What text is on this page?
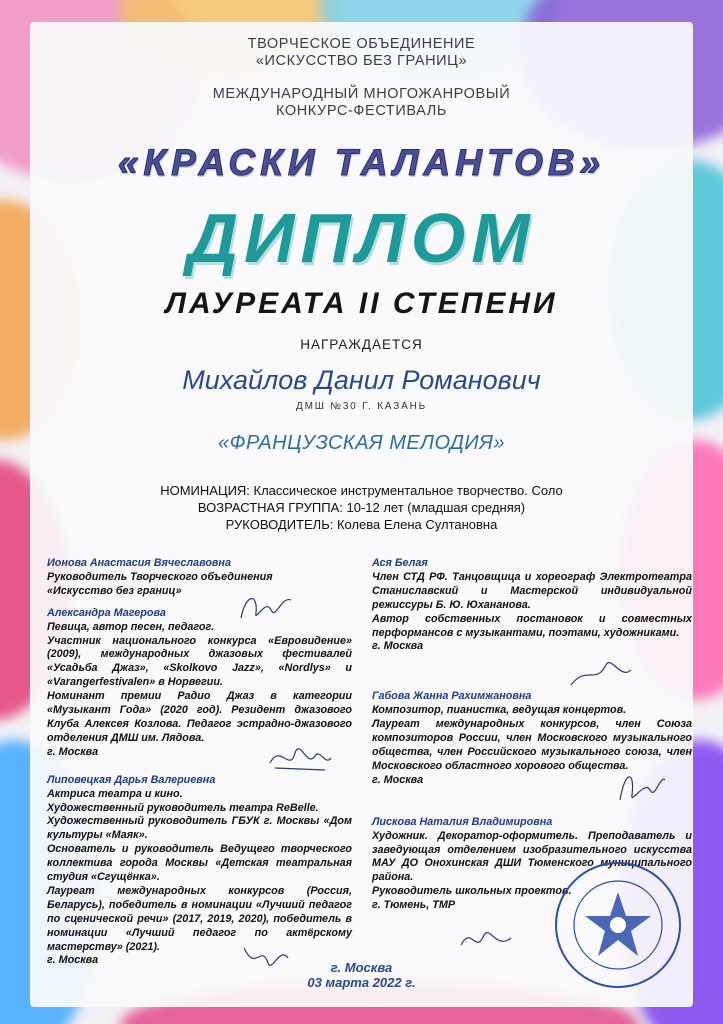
ТВОРЧЕСКОЕ ОБЪЕДИНЕНИЕ
«ИСКУССТВО БЕЗ ГРАНИЦ»
МЕЖДУНАРОДНЫЙ МНОГОЖАНРОВЫЙ
КОНКУРС-ФЕСТИВАЛЬ
«КРАСКИ ТАЛАНТОВ»
ДИПЛОМ
ЛАУРЕАТА II СТЕПЕНИ
НАГРАЖДАЕТСЯ
Михайлов Данил Романович
ДМШ №30 Г. КАЗАНЬ
«ФРАНЦУЗСКАЯ МЕЛОДИЯ»
НОМИНАЦИЯ: Классическое инструментальное творчество. Соло
ВОЗРАСТНАЯ ГРУППА: 10-12 лет (младшая средняя)
РУКОВОДИТЕЛЬ: Колева Елена Султановна
Ионова Анастасия Вячеславовна

Руководитель Творческого объединения

«Искусство без границ»

Александра Магерова

Певица, автор песен, педагог.

Участник национального конкурса «Евровидение» (2009), международных джазовых фестивалей «Усадьба Джаз», «Skolkovo Jazz», «Nordlys» и «Varangerfestivalen» в Норвегии.

Номинант премии Радио Джаз в категории «Музыкант Года» (2020 год). Резидент джазового Клуба Алексея Козлова. Педагог эстрадно-джазового отделения ДМШ им. Лядова.

г. Москва

Липовецкая Дарья Валериевна

Актриса театра и кино.

Художественный руководитель театра ReBelle.

Художественный руководитель ГБУК г. Москвы «Дом культуры «Маяк».

Основатель и руководитель Ведущего творческого коллектива города Москвы «Детская театральная студия «Сгущёнка».

Лауреат международных конкурсов (Россия, Беларусь), победитель в номинации «Лучший педагог по сценической речи» (2017, 2019, 2020), победитель в номинации «Лучший педагог по актёрскому мастерству» (2021).

г. Москва

Ася Белая

Член СТД РФ. Танцовщица и хореограф Электротеатра Станиславский и Мастерской индивидуальной режиссуры Б. Ю. Юхананова.

Автор собственных постановок и совместных перформансов с музыкантами, поэтами, художниками.

г. Москва

Габова Жанна Рахимжановна

Композитор, пианистка, ведущая концертов.

Лауреат международных конкурсов, член Союза композиторов России, член Московского музыкального общества, член Российского музыкального союза, член Московского областного хорового общества.

г. Москва

Лискова Наталия Владимировна

Художник. Декоратор-оформитель. Преподаватель и заведующая отделением изобразительного искусства МАУ ДО Онохинская ДШИ Тюменского муниципального района.

Руководитель школьных проектов.

г. Тюмень, ТМР

г. Москва
03 марта 2022 г.
